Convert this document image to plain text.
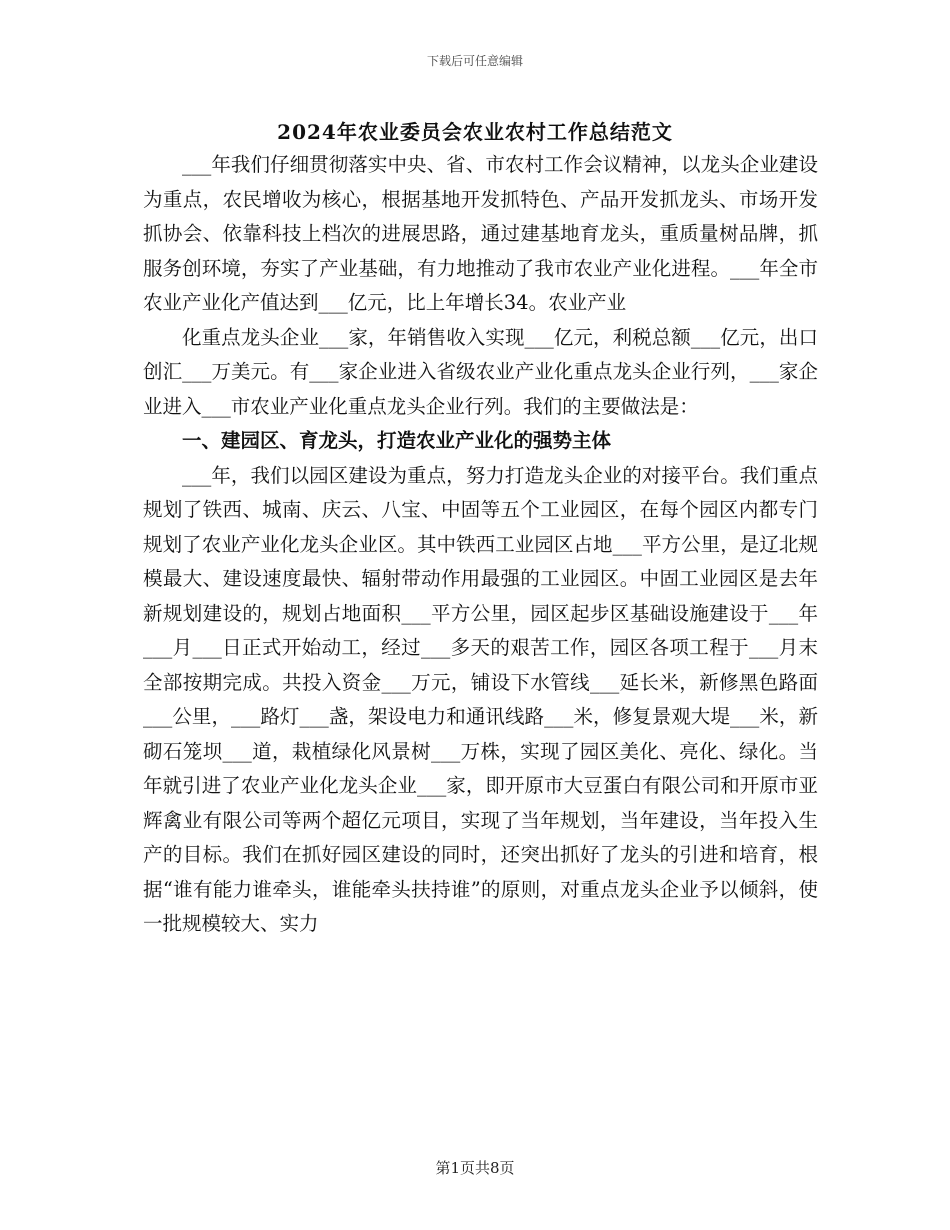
下载后可任意编辑
2024年农业委员会农业农村工作总结范文

___年我们仔细贯彻落实中央、省、市农村工作会议精神，以龙头企业建设为重点，农民增收为核心，根据基地开发抓特色、产品开发抓龙头、市场开发抓协会、依靠科技上档次的进展思路，通过建基地育龙头，重质量树品牌，抓服务创环境，夯实了产业基础，有力地推动了我市农业产业化进程。___年全市农业产业化产值达到___亿元，比上年增长34。农业产业

化重点龙头企业___家，年销售收入实现___亿元，利税总额___亿元，出口创汇___万美元。有___家企业进入省级农业产业化重点龙头企业行列，___家企业进入___市农业产业化重点龙头企业行列。我们的主要做法是：

一、建园区、育龙头，打造农业产业化的强势主体

___年，我们以园区建设为重点，努力打造龙头企业的对接平台。我们重点规划了铁西、城南、庆云、八宝、中固等五个工业园区，在每个园区内都专门规划了农业产业化龙头企业区。其中铁西工业园区占地___平方公里，是辽北规模最大、建设速度最快、辐射带动作用最强的工业园区。中固工业园区是去年新规划建设的，规划占地面积___平方公里，园区起步区基础设施建设于___年___月___日正式开始动工，经过___多天的艰苦工作，园区各项工程于___月末全部按期完成。共投入资金___万元，铺设下水管线___延长米，新修黑色路面___公里，___路灯___盏，架设电力和通讯线路___米，修复景观大堤___米，新砌石笼坝___道，栽植绿化风景树___万株，实现了园区美化、亮化、绿化。当年就引进了农业产业化龙头企业___家，即开原市大豆蛋白有限公司和开原市亚辉禽业有限公司等两个超亿元项目，实现了当年规划，当年建设，当年投入生产的目标。我们在抓好园区建设的同时，还突出抓好了龙头的引进和培育，根据“谁有能力谁牵头，谁能牵头扶持谁”的原则，对重点龙头企业予以倾斜，使一批规模较大、实力

第1页共8页
